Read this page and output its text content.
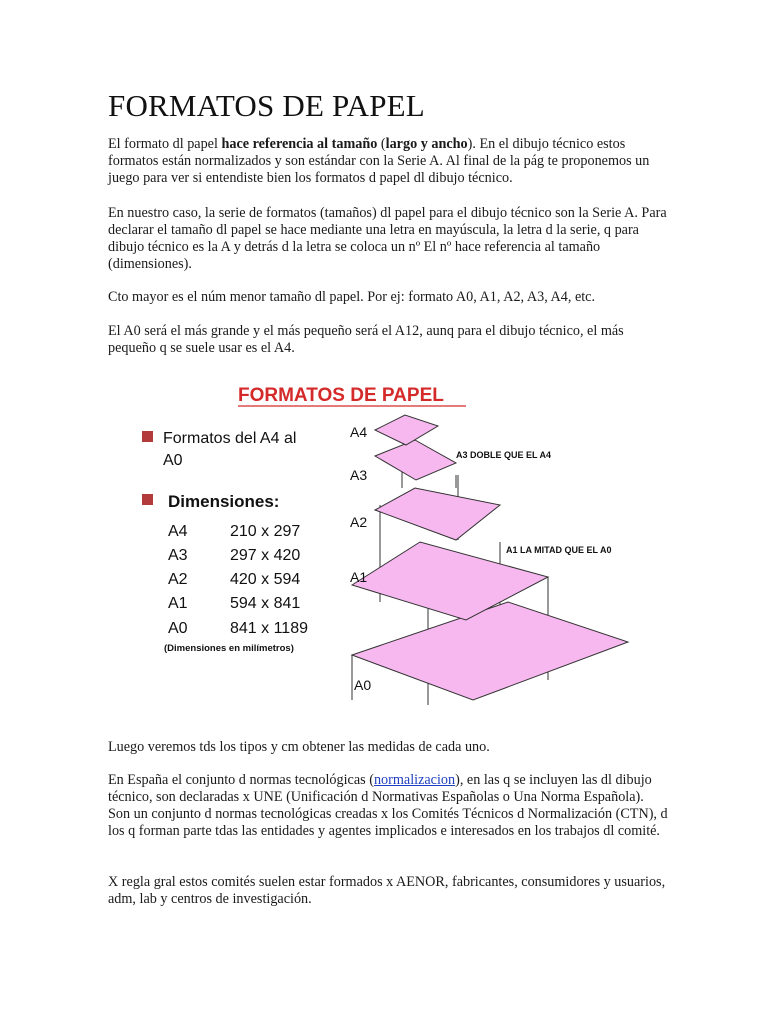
FORMATOS DE PAPEL

El formato dl papel hace referencia al tamaño (largo y ancho). En el dibujo técnico estos formatos están normalizados y son estándar con la Serie A. Al final de la pág te proponemos un juego para ver si entendiste bien los formatos d papel dl dibujo técnico.

En nuestro caso, la serie de formatos (tamaños) dl papel para el dibujo técnico son la Serie A. Para declarar el tamaño dl papel se hace mediante una letra en mayúscula, la letra d la serie, q para dibujo técnico es la A y detrás d la letra se coloca un nº El nº hace referencia al tamaño (dimensiones).

Cto mayor es el núm menor tamaño dl papel. Por ej: formato A0, A1, A2, A3, A4, etc.

El A0 será el más grande y el más pequeño será el A12, aunq para el dibujo técnico, el más pequeño q se suele usar es el A4.

FORMATOS DE PAPEL
Formatos del A4 al
A0
Dimensiones:
A4	210 x 297
A3	297 x 420
A2	420 x 594
A1	594 x 841
A0	841 x 1189
(Dimensiones en milímetros)
A4
A3
A2
A1
A0
A3 DOBLE QUE EL A4
A1 LA MITAD QUE EL A0

Luego veremos tds los tipos y cm obtener las medidas de cada uno.

En España el conjunto d normas tecnológicas (normalizacion), en las q se incluyen las dl dibujo técnico, son declaradas x UNE (Unificación d Normativas Españolas o Una Norma Española). Son un conjunto d normas tecnológicas creadas x los Comités Técnicos d Normalización (CTN), d los q forman parte tdas las entidades y agentes implicados e interesados en los trabajos dl comité.

X regla gral estos comités suelen estar formados x AENOR, fabricantes, consumidores y usuarios, adm, lab y centros de investigación.
